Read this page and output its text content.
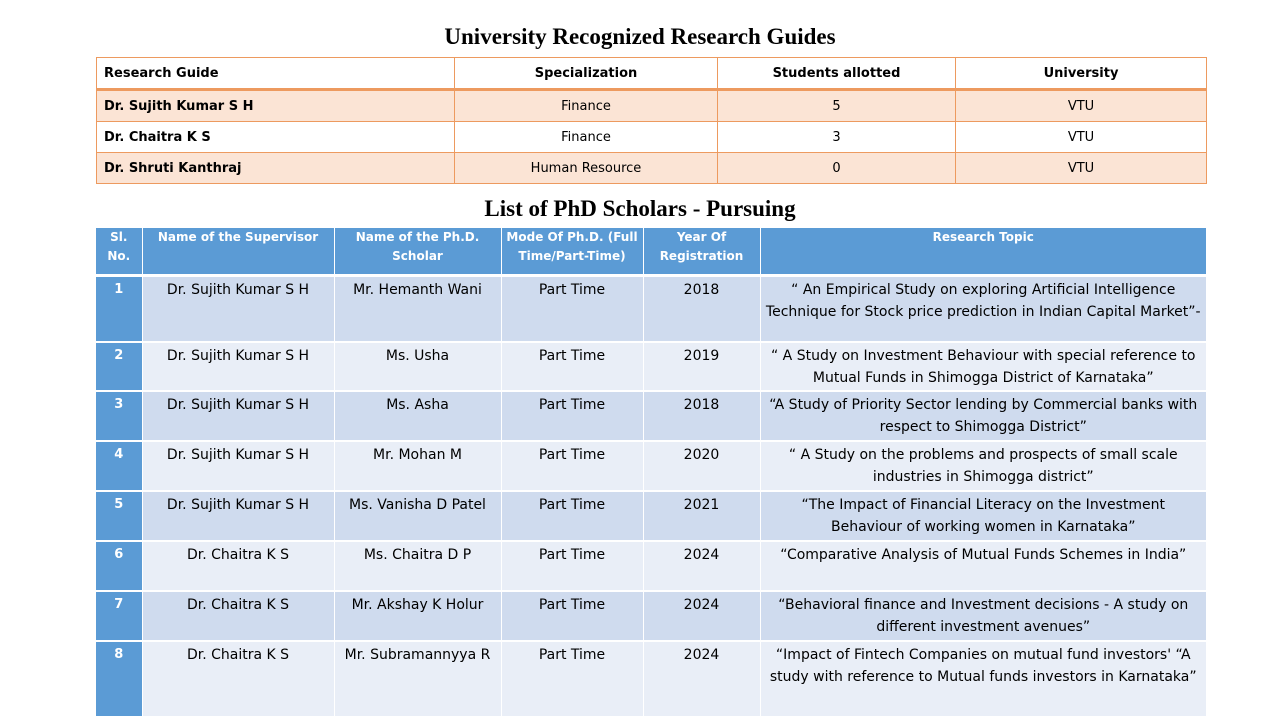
University Recognized Research Guides
Research Guide	Specialization	Students allotted	University
Dr. Sujith Kumar S H	Finance	5	VTU
Dr. Chaitra K S	Finance	3	VTU
Dr. Shruti Kanthraj	Human Resource	0	VTU
List of PhD Scholars - Pursuing
Sl. No.	Name of the Supervisor	Name of the Ph.D. Scholar	Mode Of Ph.D. (Full Time/Part-Time)	Year Of Registration	Research Topic
1	Dr. Sujith Kumar S H	Mr. Hemanth Wani	Part Time	2018	“ An Empirical Study on exploring Artificial Intelligence Technique for Stock price prediction in Indian Capital Market”-
2	Dr. Sujith Kumar S H	Ms. Usha	Part Time	2019	“ A Study on Investment Behaviour with special reference to Mutual Funds in Shimogga District of Karnataka”
3	Dr. Sujith Kumar S H	Ms. Asha	Part Time	2018	“A Study of Priority Sector lending by Commercial banks with respect to Shimogga District”
4	Dr. Sujith Kumar S H	Mr. Mohan M	Part Time	2020	“ A Study on the problems and prospects of small scale industries in Shimogga district”
5	Dr. Sujith Kumar S H	Ms. Vanisha D Patel	Part Time	2021	“The Impact of Financial Literacy on the Investment Behaviour of working women in Karnataka”
6	Dr. Chaitra K S	Ms. Chaitra D P	Part Time	2024	“Comparative Analysis of Mutual Funds Schemes in India”
7	Dr. Chaitra K S	Mr. Akshay K Holur	Part Time	2024	“Behavioral finance and Investment decisions - A study on different investment avenues”
8	Dr. Chaitra K S	Mr. Subramannyya R	Part Time	2024	“Impact of Fintech Companies on mutual fund investors' “A study with reference to Mutual funds investors in Karnataka”
